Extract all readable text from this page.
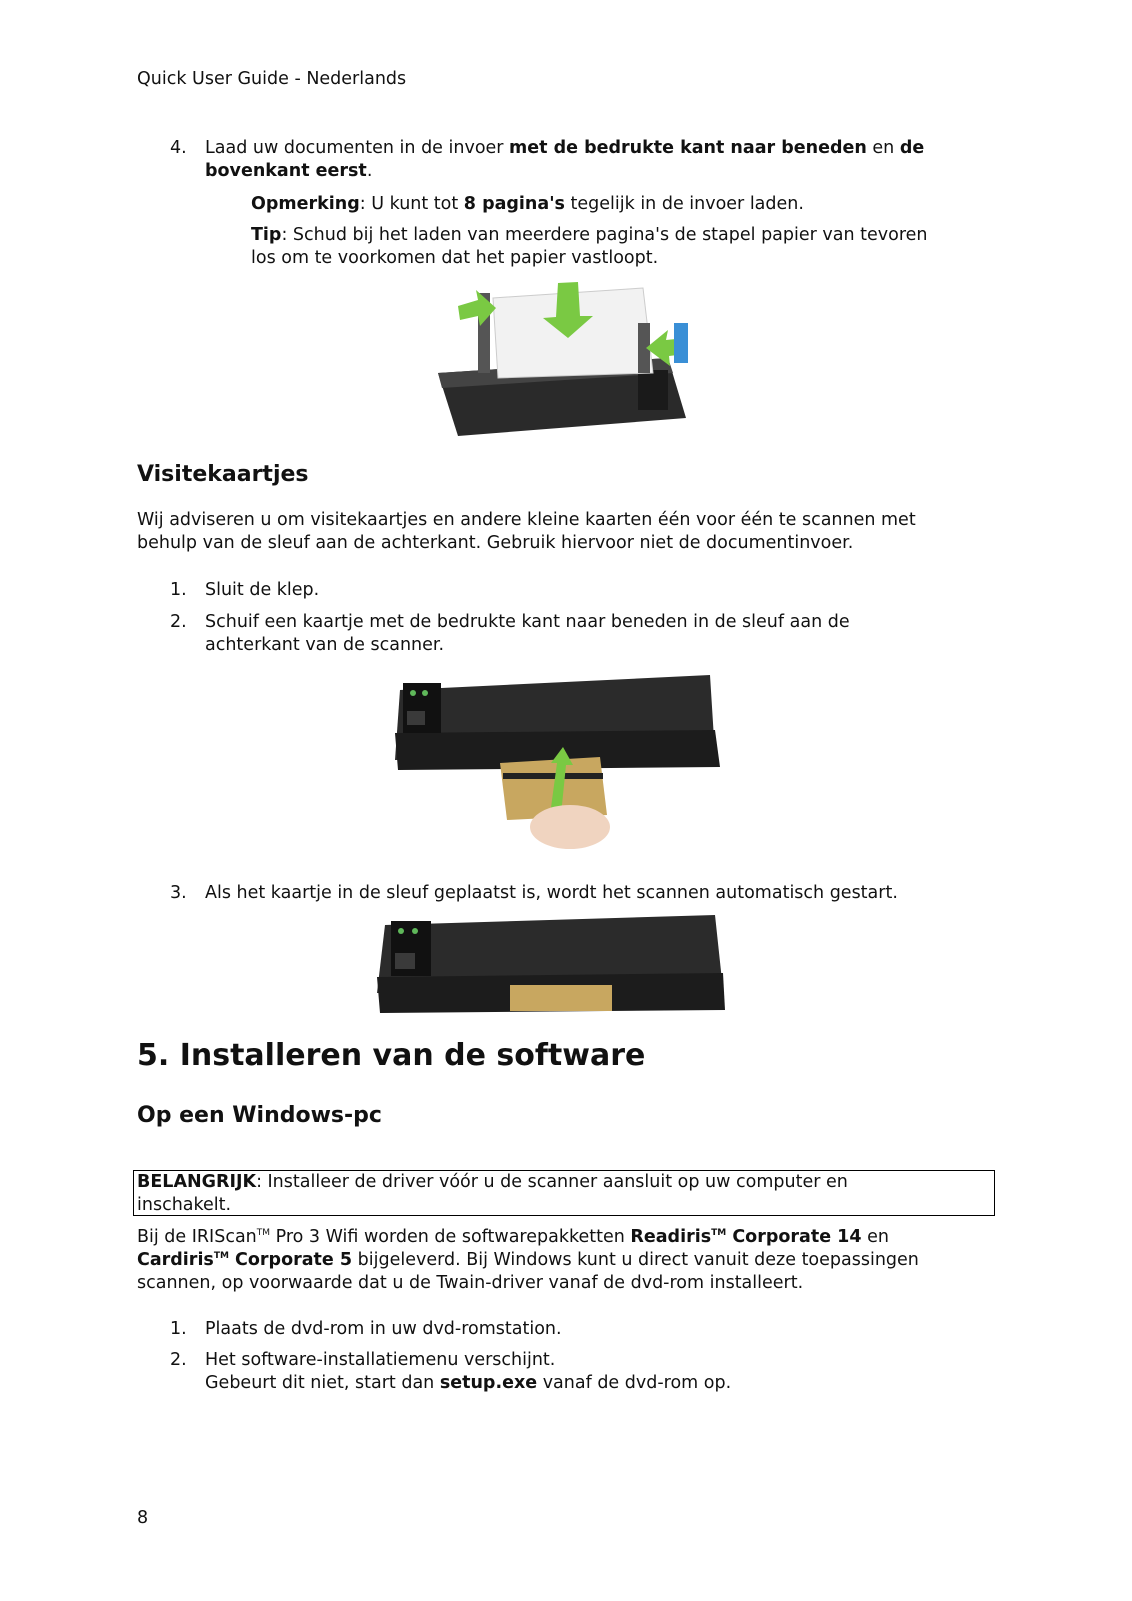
Quick User Guide - Nederlands
4. Laad uw documenten in de invoer met de bedrukte kant naar beneden en de
bovenkant eerst.
Opmerking: U kunt tot 8 pagina's tegelijk in de invoer laden.
Tip: Schud bij het laden van meerdere pagina's de stapel papier van tevoren
los om te voorkomen dat het papier vastloopt.
Visitekaartjes
Wij adviseren u om visitekaartjes en andere kleine kaarten één voor één te scannen met
behulp van de sleuf aan de achterkant. Gebruik hiervoor niet de documentinvoer.
1. Sluit de klep.
2. Schuif een kaartje met de bedrukte kant naar beneden in de sleuf aan de
achterkant van de scanner.
3. Als het kaartje in de sleuf geplaatst is, wordt het scannen automatisch gestart.
5. Installeren van de software
Op een Windows-pc
BELANGRIJK: Installeer de driver vóór u de scanner aansluit op uw computer en
inschakelt.
Bij de IRIScan™ Pro 3 Wifi worden de softwarepakketten Readiris™ Corporate 14 en
Cardiris™ Corporate 5 bijgeleverd. Bij Windows kunt u direct vanuit deze toepassingen
scannen, op voorwaarde dat u de Twain-driver vanaf de dvd-rom installeert.
1. Plaats de dvd-rom in uw dvd-romstation.
2. Het software-installatiemenu verschijnt.
Gebeurt dit niet, start dan setup.exe vanaf de dvd-rom op.
8
